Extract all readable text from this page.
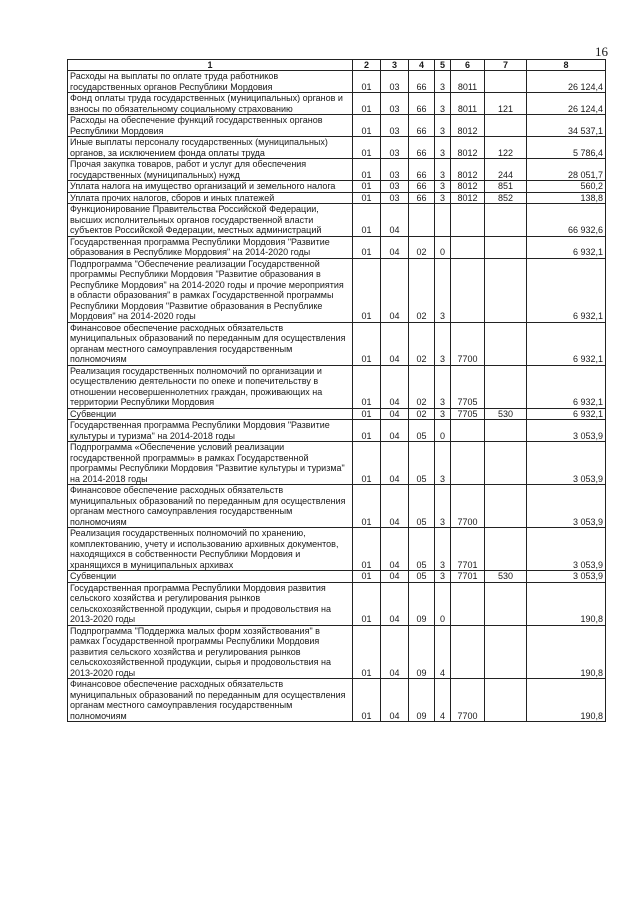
16
1	2	3	4	5	6	7	8
Расходы на выплаты по оплате труда работников государственных органов Республики Мордовия	01	03	66	3	8011		26 124,4
Фонд оплаты труда государственных (муниципальных) органов и взносы по обязательному социальному страхованию	01	03	66	3	8011	121	26 124,4
Расходы на обеспечение функций государственных органов Республики Мордовия	01	03	66	3	8012		34 537,1
Иные выплаты персоналу государственных (муниципальных) органов, за исключением фонда оплаты труда	01	03	66	3	8012	122	5 786,4
Прочая закупка товаров, работ и услуг для обеспечения государственных (муниципальных) нужд	01	03	66	3	8012	244	28 051,7
Уплата налога на имущество организаций и земельного налога	01	03	66	3	8012	851	560,2
Уплата прочих налогов, сборов и иных платежей	01	03	66	3	8012	852	138,8
Функционирование Правительства Российской Федерации, высших исполнительных органов государственной власти субъектов Российской Федерации, местных администраций	01	04					66 932,6
Государственная программа Республики Мордовия "Развитие образования в Республике Мордовия" на 2014-2020 годы	01	04	02	0			6 932,1
Подпрограмма "Обеспечение реализации Государственной программы Республики Мордовия "Развитие образования в Республике Мордовия" на 2014-2020 годы и прочие мероприятия в области образования" в рамках Государственной программы Республики Мордовия "Развитие образования в Республике Мордовия" на 2014-2020 годы	01	04	02	3			6 932,1
Финансовое обеспечение расходных обязательств муниципальных образований по переданным для осуществления органам местного самоуправления государственным полномочиям	01	04	02	3	7700		6 932,1
Реализация государственных полномочий по организации и осуществлению деятельности по опеке и попечительству в отношении несовершеннолетних граждан, проживающих на территории Республики Мордовия	01	04	02	3	7705		6 932,1
Субвенции	01	04	02	3	7705	530	6 932,1
Государственная программа Республики Мордовия "Развитие культуры и туризма" на 2014-2018 годы	01	04	05	0			3 053,9
Подпрограмма «Обеспечение условий реализации государственной программы» в рамках Государственной программы Республики Мордовия "Развитие культуры и туризма" на 2014-2018 годы	01	04	05	3			3 053,9
Финансовое обеспечение расходных обязательств муниципальных образований по переданным для осуществления органам местного самоуправления государственным полномочиям	01	04	05	3	7700		3 053,9
Реализация государственных полномочий по хранению, комплектованию, учету и использованию архивных документов, находящихся в собственности Республики Мордовия и хранящихся в муниципальных архивах	01	04	05	3	7701		3 053,9
Субвенции	01	04	05	3	7701	530	3 053,9
Государственная программа Республики Мордовия развития сельского хозяйства и регулирования рынков сельскохозяйственной продукции, сырья и продовольствия на 2013-2020 годы	01	04	09	0			190,8
Подпрограмма "Поддержка малых форм хозяйствования" в рамках Государственной программы Республики Мордовия развития сельского хозяйства и регулирования рынков сельскохозяйственной продукции, сырья и продовольствия на 2013-2020 годы	01	04	09	4			190,8
Финансовое обеспечение расходных обязательств муниципальных образований по переданным для осуществления органам местного самоуправления государственным полномочиям	01	04	09	4	7700		190,8
